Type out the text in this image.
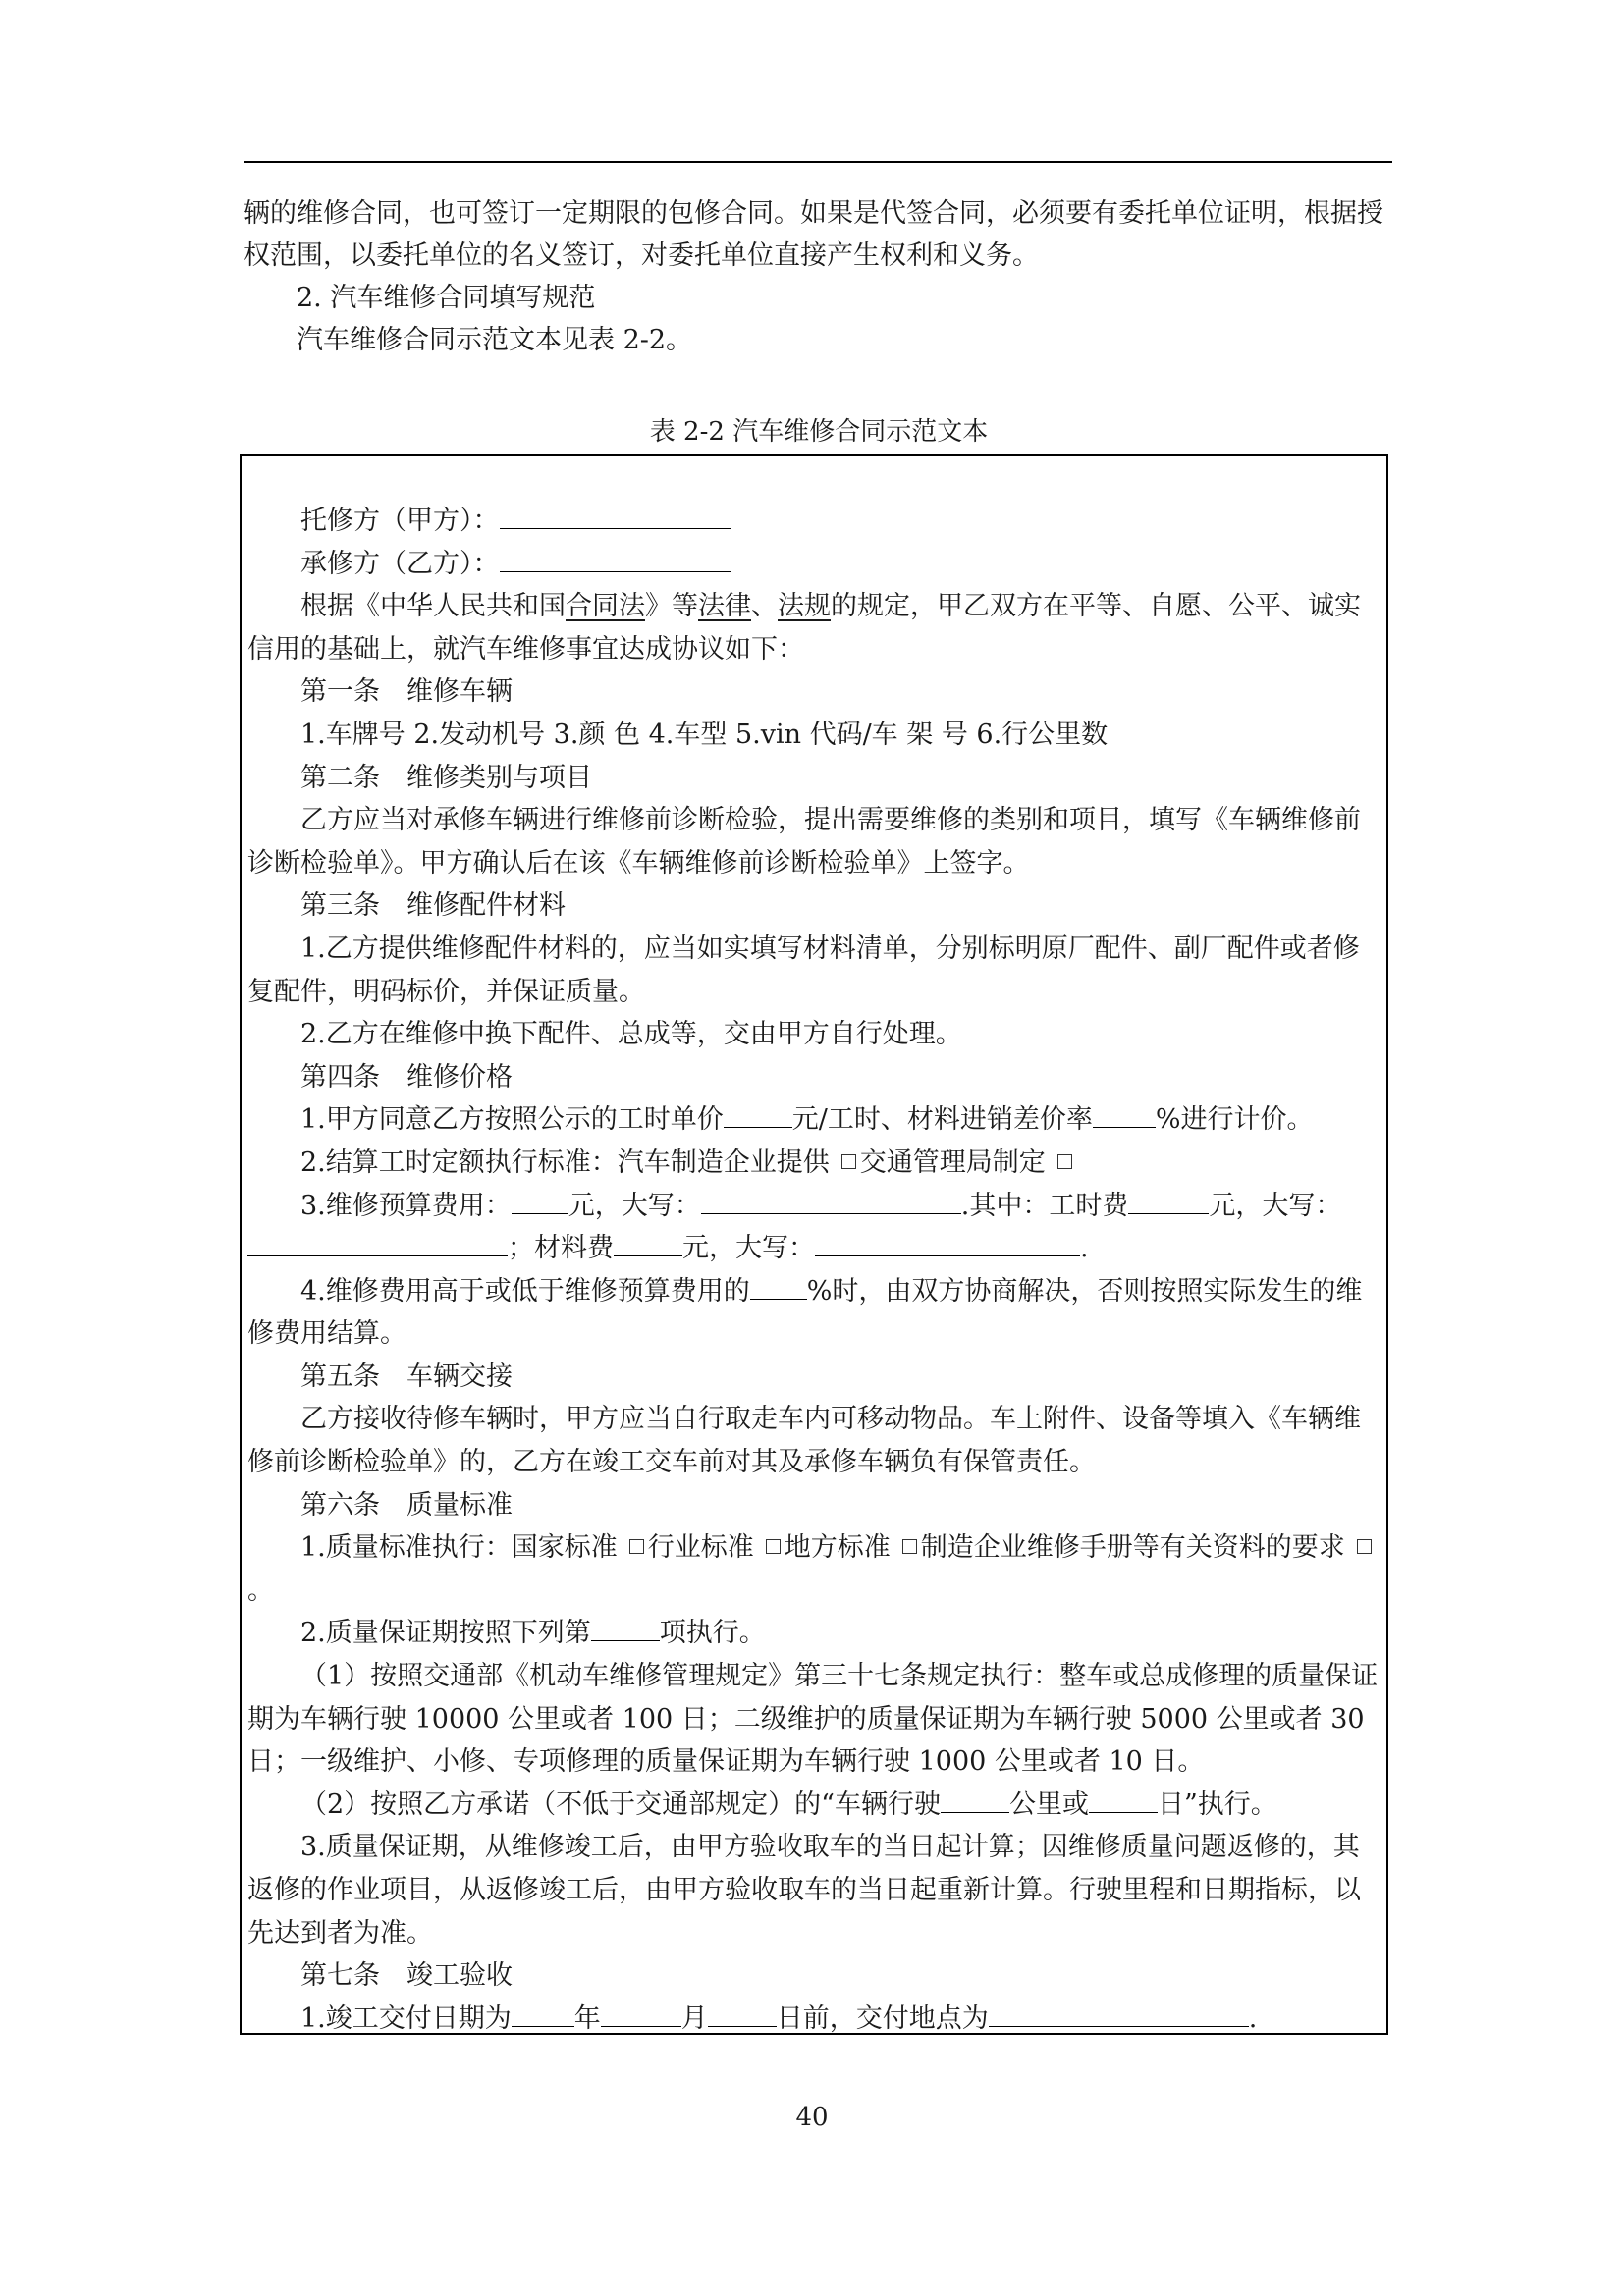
辆的维修合同，也可签订一定期限的包修合同。如果是代签合同，必须要有委托单位证明，根据授权范围，以委托单位的名义签订，对委托单位直接产生权利和义务。

2. 汽车维修合同填写规范

汽车维修合同示范文本见表 2-2。

表 2-2 汽车维修合同示范文本

托修方（甲方）：

承修方（乙方）：

根据《中华人民共和国合同法》等法律、法规的规定，甲乙双方在平等、自愿、公平、诚实信用的基础上，就汽车维修事宜达成协议如下：

第一条　维修车辆

1.车牌号 2.发动机号 3.颜 色 4.车型 5.vin 代码/车 架 号 6.行公里数

第二条　维修类别与项目

乙方应当对承修车辆进行维修前诊断检验，提出需要维修的类别和项目，填写《车辆维修前诊断检验单》。甲方确认后在该《车辆维修前诊断检验单》上签字。

第三条　维修配件材料

1.乙方提供维修配件材料的，应当如实填写材料清单，分别标明原厂配件、副厂配件或者修复配件，明码标价，并保证质量。

2.乙方在维修中换下配件、总成等，交由甲方自行处理。

第四条　维修价格

1.甲方同意乙方按照公示的工时单价	元/工时、材料进销差价率 %进行计价。

2.结算工时定额执行标准：汽车制造企业提供 交通管理局制定

3.维修预算费用： 元，大写：	.其中：工时费	元，大写：
；材料费	元，大写：	.

4.维修费用高于或低于维修预算费用的 %时，由双方协商解决，否则按照实际发生的维修费用结算。

第五条　车辆交接

乙方接收待修车辆时，甲方应当自行取走车内可移动物品。车上附件、设备等填入《车辆维修前诊断检验单》的，乙方在竣工交车前对其及承修车辆负有保管责任。

第六条　质量标准

1.质量标准执行：国家标准 行业标准 地方标准 制造企业维修手册等有关资料的要求。

2.质量保证期按照下列第	项执行。

（1）按照交通部《机动车维修管理规定》第三十七条规定执行：整车或总成修理的质量保证期为车辆行驶 10000 公里或者 100 日；二级维护的质量保证期为车辆行驶 5000 公里或者 30 日；一级维护、小修、专项修理的质量保证期为车辆行驶 1000 公里或者 10 日。

（2）按照乙方承诺（不低于交通部规定）的“车辆行驶	公里或	日”执行。

3.质量保证期，从维修竣工后，由甲方验收取车的当日起计算；因维修质量问题返修的，其返修的作业项目，从返修竣工后，由甲方验收取车的当日起重新计算。行驶里程和日期指标，以先达到者为准。

第七条　竣工验收

1.竣工交付日期为 年	月	日前，交付地点为	.

40
